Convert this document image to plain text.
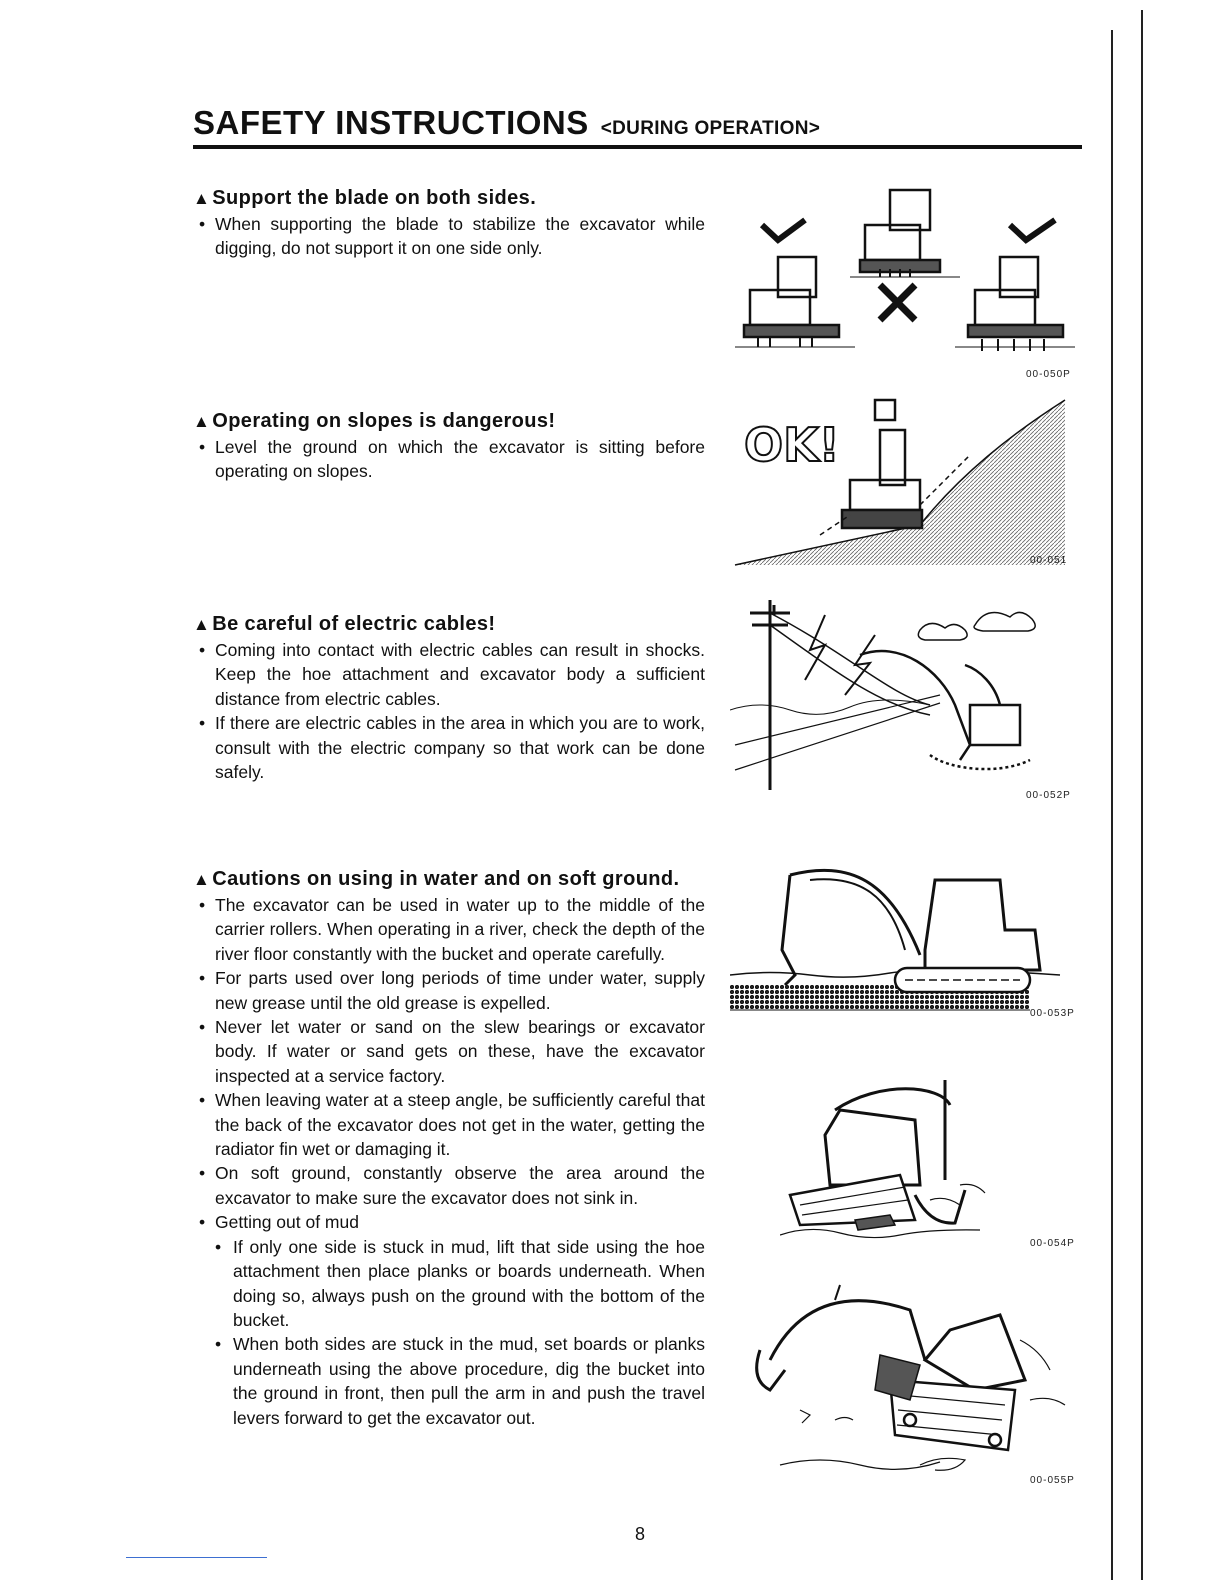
SAFETY INSTRUCTIONS <DURING OPERATION>
▲ Support the blade on both sides.
• When supporting the blade to stabilize the excavator while digging, do not support it on one side only.
▲ Operating on slopes is dangerous!
• Level the ground on which the excavator is sitting before operating on slopes.
▲ Be careful of electric cables!
• Coming into contact with electric cables can result in shocks. Keep the hoe attachment and excavator body a sufficient distance from electric cables.
• If there are electric cables in the area in which you are to work, consult with the electric company so that work can be done safely.
▲ Cautions on using in water and on soft ground.
• The excavator can be used in water up to the middle of the carrier rollers. When operating in a river, check the depth of the river floor constantly with the bucket and operate carefully.
• For parts used over long periods of time under water, supply new grease until the old grease is expelled.
• Never let water or sand on the slew bearings or excavator body. If water or sand gets on these, have the excavator inspected at a service factory.
• When leaving water at a steep angle, be sufficiently careful that the back of the excavator does not get in the water, getting the radiator fin wet or damaging it.
• On soft ground, constantly observe the area around the excavator to make sure the excavator does not sink in.
• Getting out of mud
• If only one side is stuck in mud, lift that side using the hoe attachment then place planks or boards underneath. When doing so, always push on the ground with the bottom of the bucket.
• When both sides are stuck in the mud, set boards or planks underneath using the above procedure, dig the bucket into the ground in front, then pull the arm in and push the travel levers forward to get the excavator out.
00-050P
OK!
00-051
00-052P
00-053P
00-054P
00-055P
8
